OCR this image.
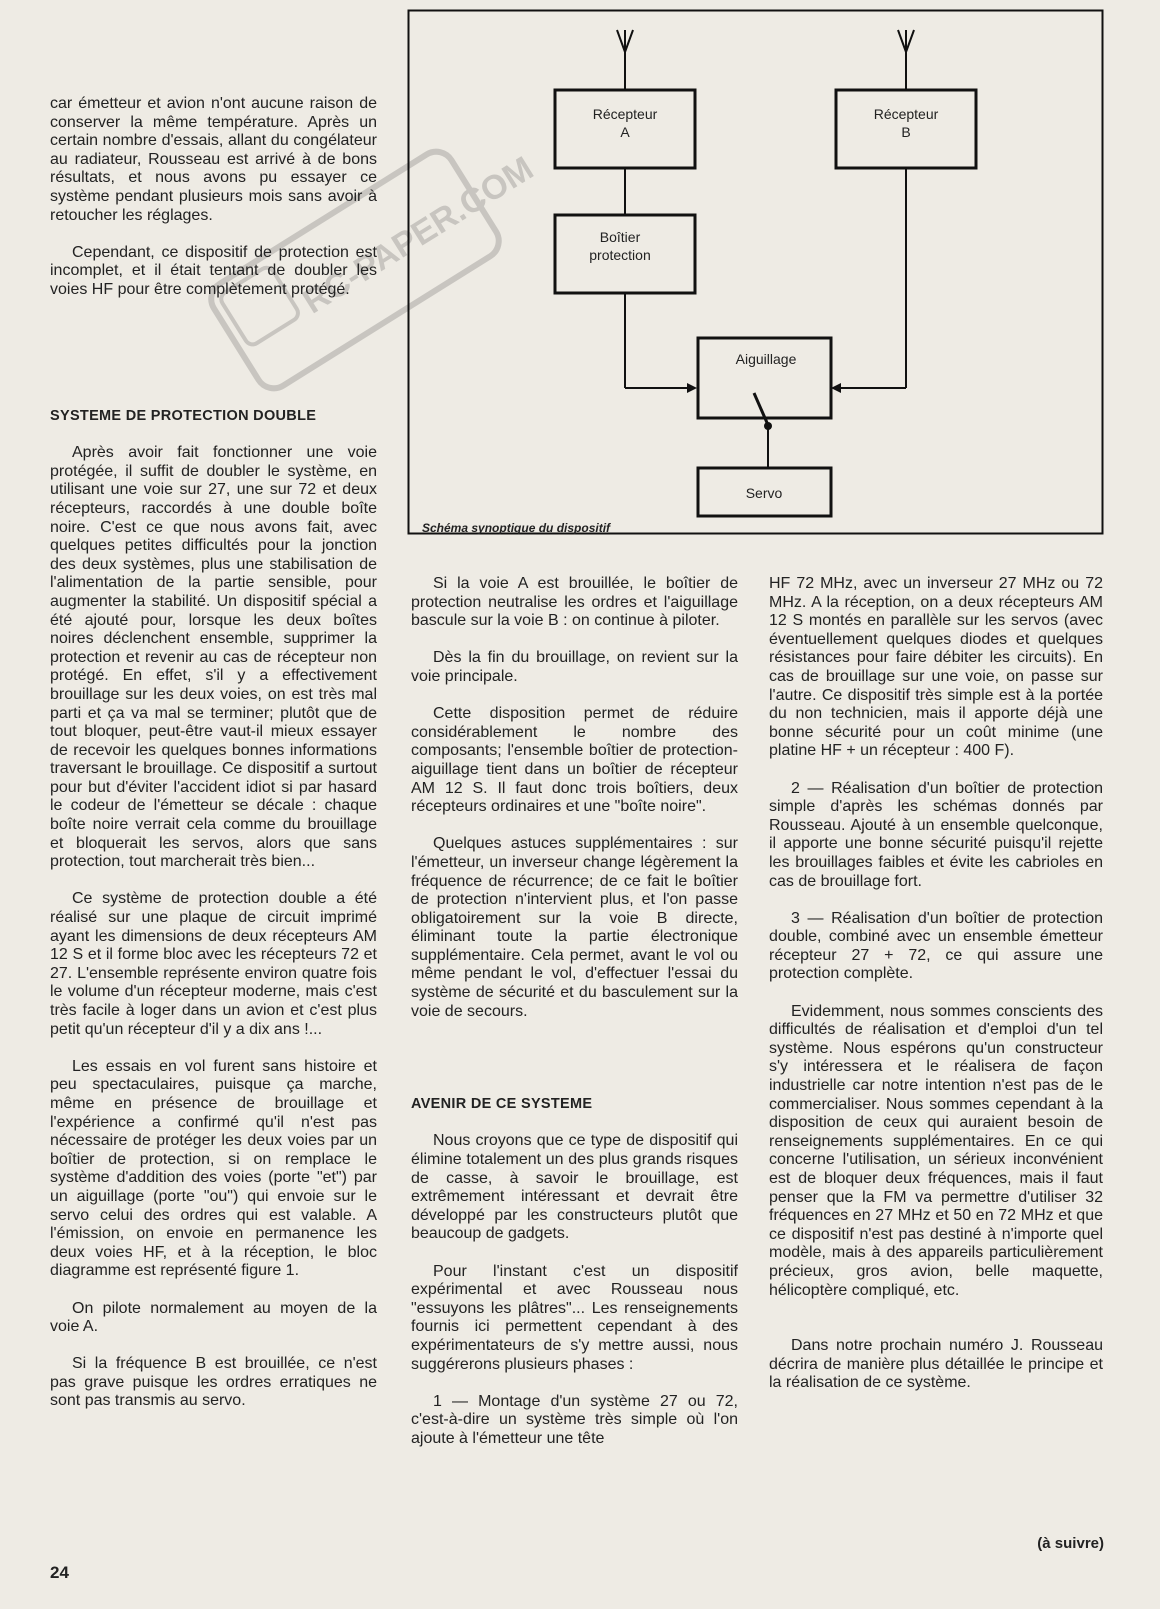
RC-PAPER.COM
Récepteur
A
Récepteur
B
Boîtier
protection
Aiguillage
Servo
Schéma synoptique du dispositif

car émetteur et avion n'ont aucune raison de conserver la même température. Après un certain nombre d'essais, allant du congélateur au radiateur, Rousseau est arrivé à de bons résultats, et nous avons pu essayer ce système pendant plusieurs mois sans avoir à retoucher les réglages.

Cependant, ce dispositif de protection est incomplet, et il était tentant de doubler les voies HF pour être complètement protégé.

SYSTEME DE PROTECTION DOUBLE

Après avoir fait fonctionner une voie protégée, il suffit de doubler le système, en utilisant une voie sur 27, une sur 72 et deux récepteurs, raccordés à une double boîte noire. C'est ce que nous avons fait, avec quelques petites difficultés pour la jonction des deux systèmes, plus une stabilisation de l'alimentation de la partie sensible, pour augmenter la stabilité. Un dispositif spécial a été ajouté pour, lorsque les deux boîtes noires déclenchent ensemble, supprimer la protection et revenir au cas de récepteur non protégé. En effet, s'il y a effectivement brouillage sur les deux voies, on est très mal parti et ça va mal se terminer; plutôt que de tout bloquer, peut-être vaut-il mieux essayer de recevoir les quelques bonnes informations traversant le brouillage. Ce dispositif a surtout pour but d'éviter l'accident idiot si par hasard le codeur de l'émetteur se décale : chaque boîte noire verrait cela comme du brouillage et bloquerait les servos, alors que sans protection, tout marcherait très bien...

Ce système de protection double a été réalisé sur une plaque de circuit imprimé ayant les dimensions de deux récepteurs AM 12 S et il forme bloc avec les récepteurs 72 et 27. L'ensemble représente environ quatre fois le volume d'un récepteur moderne, mais c'est très facile à loger dans un avion et c'est plus petit qu'un récepteur d'il y a dix ans !...

Les essais en vol furent sans histoire et peu spectaculaires, puisque ça marche, même en présence de brouillage et l'expérience a confirmé qu'il n'est pas nécessaire de protéger les deux voies par un boîtier de protection, si on remplace le système d'addition des voies (porte "et") par un aiguillage (porte "ou") qui envoie sur le servo celui des ordres qui est valable. A l'émission, on envoie en permanence les deux voies HF, et à la réception, le bloc diagramme est représenté figure 1.

On pilote normalement au moyen de la voie A.

Si la fréquence B est brouillée, ce n'est pas grave puisque les ordres erratiques ne sont pas transmis au servo.

Si la voie A est brouillée, le boîtier de protection neutralise les ordres et l'aiguillage bascule sur la voie B : on continue à piloter.

Dès la fin du brouillage, on revient sur la voie principale.

Cette disposition permet de réduire considérablement le nombre des composants; l'ensemble boîtier de protection-aiguillage tient dans un boîtier de récepteur AM 12 S. Il faut donc trois boîtiers, deux récepteurs ordinaires et une "boîte noire".

Quelques astuces supplémentaires : sur l'émetteur, un inverseur change légèrement la fréquence de récurrence; de ce fait le boîtier de protection n'intervient plus, et l'on passe obligatoirement sur la voie B directe, éliminant toute la partie électronique supplémentaire. Cela permet, avant le vol ou même pendant le vol, d'effectuer l'essai du système de sécurité et du basculement sur la voie de secours.

AVENIR DE CE SYSTEME

Nous croyons que ce type de dispositif qui élimine totalement un des plus grands risques de casse, à savoir le brouillage, est extrêmement intéressant et devrait être développé par les constructeurs plutôt que beaucoup de gadgets.

Pour l'instant c'est un dispositif expérimental et avec Rousseau nous "essuyons les plâtres"... Les renseignements fournis ici permettent cependant à des expérimentateurs de s'y mettre aussi, nous suggérerons plusieurs phases :

1 — Montage d'un système 27 ou 72, c'est-à-dire un système très simple où l'on ajoute à l'émetteur une tête

HF 72 MHz, avec un inverseur 27 MHz ou 72 MHz. A la réception, on a deux récepteurs AM 12 S montés en parallèle sur les servos (avec éventuellement quelques diodes et quelques résistances pour faire débiter les circuits). En cas de brouillage sur une voie, on passe sur l'autre. Ce dispositif très simple est à la portée du non technicien, mais il apporte déjà une bonne sécurité pour un coût minime (une platine HF + un récepteur : 400 F).

2 — Réalisation d'un boîtier de protection simple d'après les schémas donnés par Rousseau. Ajouté à un ensemble quelconque, il apporte une bonne sécurité puisqu'il rejette les brouillages faibles et évite les cabrioles en cas de brouillage fort.

3 — Réalisation d'un boîtier de protection double, combiné avec un ensemble émetteur récepteur 27 + 72, ce qui assure une protection complète.

Evidemment, nous sommes conscients des difficultés de réalisation et d'emploi d'un tel système. Nous espérons qu'un constructeur s'y intéressera et le réalisera de façon industrielle car notre intention n'est pas de le commercialiser. Nous sommes cependant à la disposition de ceux qui auraient besoin de renseignements supplémentaires. En ce qui concerne l'utilisation, un sérieux inconvénient est de bloquer deux fréquences, mais il faut penser que la FM va permettre d'utiliser 32 fréquences en 27 MHz et 50 en 72 MHz et que ce dispositif n'est pas destiné à n'importe quel modèle, mais à des appareils particulièrement précieux, gros avion, belle maquette, hélicoptère compliqué, etc.

Dans notre prochain numéro J. Rousseau décrira de manière plus détaillée le principe et la réalisation de ce système.

(à suivre)
24
